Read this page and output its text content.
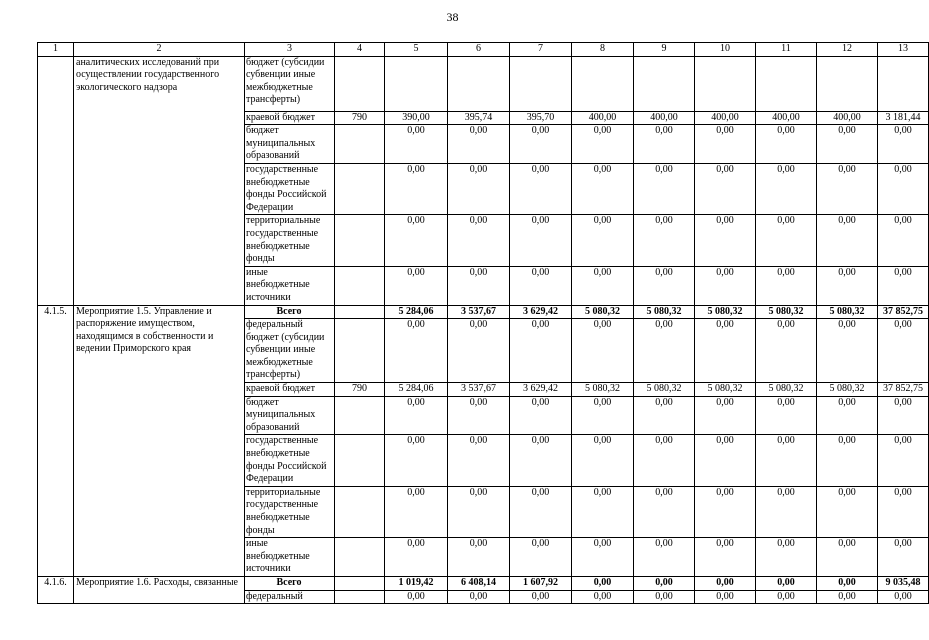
38
1	2	3	4	5	6	7	8	9	10	11	12	13
	аналитических исследований при осуществлении государственного экологического надзора	бюджет (субсидии субвенции иные межбюджетные трансферты)										
		краевой бюджет	790	390,00	395,74	395,70	400,00	400,00	400,00	400,00	400,00	3 181,44
		бюджет муниципальных образований		0,00	0,00	0,00	0,00	0,00	0,00	0,00	0,00	0,00
		государственные внебюджетные фонды Российской Федерации		0,00	0,00	0,00	0,00	0,00	0,00	0,00	0,00	0,00
		территориальные государственные внебюджетные фонды		0,00	0,00	0,00	0,00	0,00	0,00	0,00	0,00	0,00
		иные внебюджетные источники		0,00	0,00	0,00	0,00	0,00	0,00	0,00	0,00	0,00
4.1.5.	Мероприятие 1.5. Управление и распоряжение имуществом, находящимся в собственности и ведении Приморского края	Всего		5 284,06	3 537,67	3 629,42	5 080,32	5 080,32	5 080,32	5 080,32	5 080,32	37 852,75
		федеральный бюджет (субсидии субвенции иные межбюджетные трансферты)		0,00	0,00	0,00	0,00	0,00	0,00	0,00	0,00	0,00
		краевой бюджет	790	5 284,06	3 537,67	3 629,42	5 080,32	5 080,32	5 080,32	5 080,32	5 080,32	37 852,75
		бюджет муниципальных образований		0,00	0,00	0,00	0,00	0,00	0,00	0,00	0,00	0,00
		государственные внебюджетные фонды Российской Федерации		0,00	0,00	0,00	0,00	0,00	0,00	0,00	0,00	0,00
		территориальные государственные внебюджетные фонды		0,00	0,00	0,00	0,00	0,00	0,00	0,00	0,00	0,00
		иные внебюджетные источники		0,00	0,00	0,00	0,00	0,00	0,00	0,00	0,00	0,00
4.1.6.	Мероприятие 1.6. Расходы, связанные	Всего		1 019,42	6 408,14	1 607,92	0,00	0,00	0,00	0,00	0,00	9 035,48
		федеральный		0,00	0,00	0,00	0,00	0,00	0,00	0,00	0,00	0,00
